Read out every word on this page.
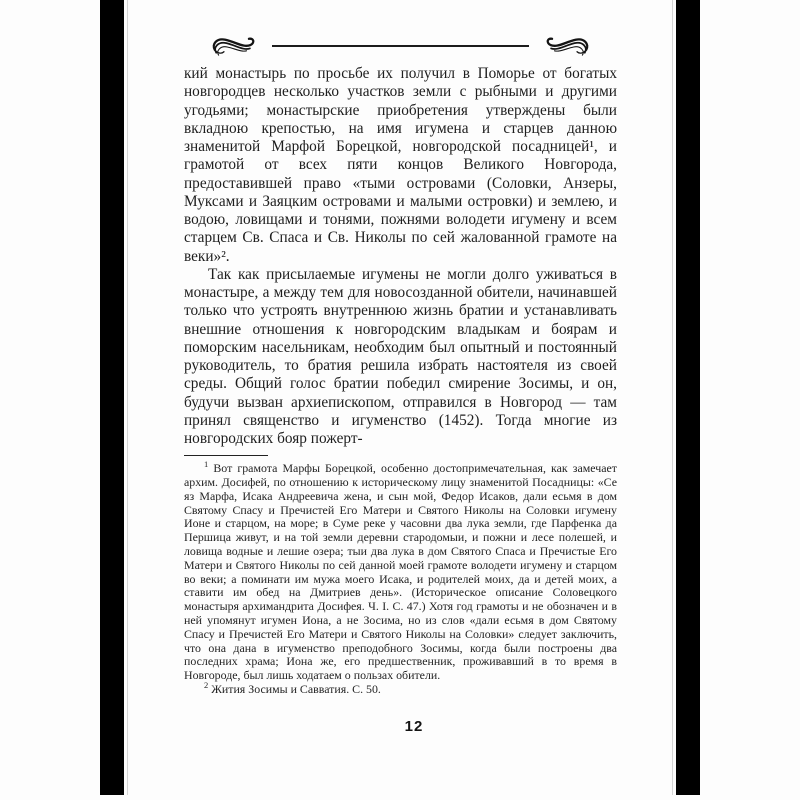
кий монастырь по просьбе их получил в Поморье от богатых новгородцев несколько участков земли с рыбными и другими угодьями; монастырские приобретения утверждены были вкладною крепостью, на имя игумена и старцев данною знаменитой Марфой Борецкой, новгородской посадницей¹, и грамотой от всех пяти концов Великого Новгорода, предоставившей право «тыми островами (Соловки, Анзеры, Муксами и Заяцким островами и малыми островки) и землею, и водою, ловищами и тонями, пожнями володети игумену и всем старцем Св. Спаса и Св. Николы по сей жалованной грамоте на веки»².

Так как присылаемые игумены не могли долго уживаться в монастыре, а между тем для новосозданной обители, начинавшей только что устроять внутреннюю жизнь братии и устанавливать внешние отношения к новгородским владыкам и боярам и поморским насельникам, необходим был опытный и постоянный руководитель, то братия решила избрать настоятеля из своей среды. Общий голос братии победил смирение Зосимы, и он, будучи вызван архиепископом, отправился в Новгород — там принял священство и игуменство (1452). Тогда многие из новгородских бояр пожерт-

$^1$ Вот грамота Марфы Борецкой, особенно достопримечательная, как замечает архим. Досифей, по отношению к историческому лицу знаменитой Посадницы: «Се яз Марфа, Исака Андреевича жена, и сын мой, Федор Исаков, дали есьмя в дом Святому Спасу и Пречистей Его Матери и Святого Николы на Соловки игумену Ионе и старцом, на море; в Суме реке у часовни два лука земли, где Парфенка да Першица живут, и на той земли деревни стародомыи, и пожни и лесе полешей, и ловища водные и лешие озера; тыи два лука в дом Святого Спаса и Пречистые Его Матери и Святого Николы по сей данной моей грамоте володети игумену и старцом во веки; а поминати им мужа моего Исака, и родителей моих, да и детей моих, а ставити им обед на Дмитриев день». (Историческое описание Соловецкого монастыря архимандрита Досифея. Ч. I. С. 47.) Хотя год грамоты и не обозначен и в ней упомянут игумен Иона, а не Зосима, но из слов «дали есьмя в дом Святому Спасу и Пречистей Его Матери и Святого Николы на Соловки» следует заключить, что она дана в игуменство преподобного Зосимы, когда были построены два последних храма; Иона же, его предшественник, проживавший в то время в Новгороде, был лишь ходатаем о пользах обители.

$^2$ Жития Зосимы и Савватия. С. 50.

12
